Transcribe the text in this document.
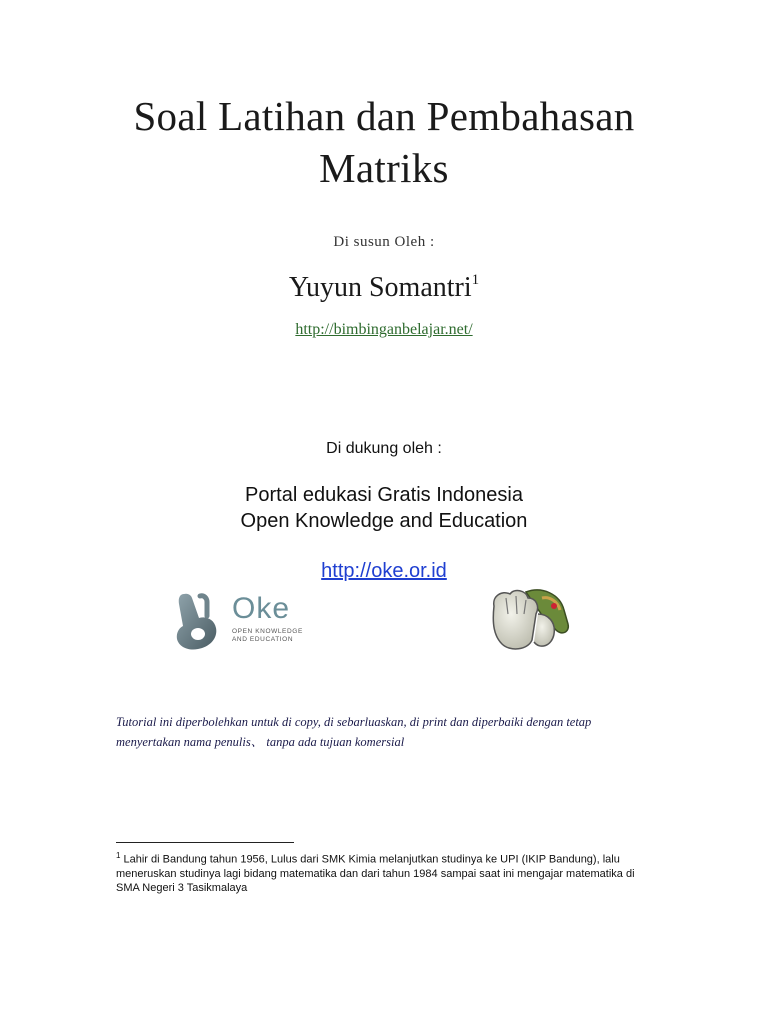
Soal Latihan dan Pembahasan
Matriks
Di susun Oleh :
Yuyun Somantri$^1$
http://bimbinganbelajar.net/
Di dukung oleh :
Portal edukasi Gratis Indonesia
Open Knowledge and Education
http://oke.or.id
Oke
OPEN KNOWLEDGE
AND EDUCATION
Tutorial ini diperbolehkan untuk di copy, di sebarluaskan, di print dan diperbaiki dengan tetap
menyertakan nama penulis、 tanpa ada tujuan komersial
$^1$ Lahir di Bandung tahun 1956, Lulus dari SMK Kimia melanjutkan studinya ke UPI (IKIP Bandung), lalu meneruskan studinya lagi bidang matematika dan dari tahun 1984 sampai saat ini mengajar matematika di SMA Negeri 3 Tasikmalaya
